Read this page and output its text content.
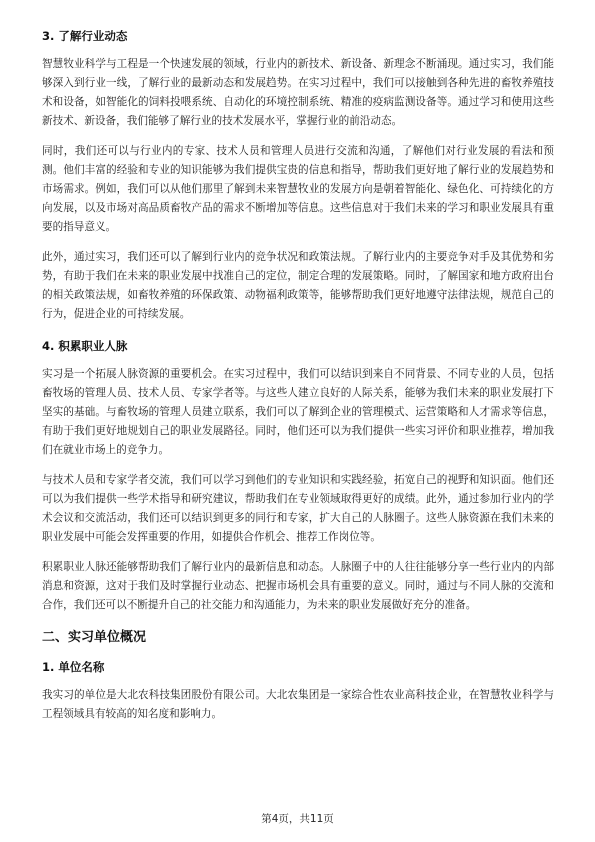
3. 了解行业动态

智慧牧业科学与工程是一个快速发展的领域，行业内的新技术、新设备、新理念不断涌现。通过实习，我们能够深入到行业一线，了解行业的最新动态和发展趋势。在实习过程中，我们可以接触到各种先进的畜牧养殖技术和设备，如智能化的饲料投喂系统、自动化的环境控制系统、精准的疫病监测设备等。通过学习和使用这些新技术、新设备，我们能够了解行业的技术发展水平，掌握行业的前沿动态。

同时，我们还可以与行业内的专家、技术人员和管理人员进行交流和沟通，了解他们对行业发展的看法和预测。他们丰富的经验和专业的知识能够为我们提供宝贵的信息和指导，帮助我们更好地了解行业的发展趋势和市场需求。例如，我们可以从他们那里了解到未来智慧牧业的发展方向是朝着智能化、绿色化、可持续化的方向发展，以及市场对高品质畜牧产品的需求不断增加等信息。这些信息对于我们未来的学习和职业发展具有重要的指导意义。

此外，通过实习，我们还可以了解到行业内的竞争状况和政策法规。了解行业内的主要竞争对手及其优势和劣势，有助于我们在未来的职业发展中找准自己的定位，制定合理的发展策略。同时，了解国家和地方政府出台的相关政策法规，如畜牧养殖的环保政策、动物福利政策等，能够帮助我们更好地遵守法律法规，规范自己的行为，促进企业的可持续发展。

4. 积累职业人脉

实习是一个拓展人脉资源的重要机会。在实习过程中，我们可以结识到来自不同背景、不同专业的人员，包括畜牧场的管理人员、技术人员、专家学者等。与这些人建立良好的人际关系，能够为我们未来的职业发展打下坚实的基础。与畜牧场的管理人员建立联系，我们可以了解到企业的管理模式、运营策略和人才需求等信息，有助于我们更好地规划自己的职业发展路径。同时，他们还可以为我们提供一些实习评价和职业推荐，增加我们在就业市场上的竞争力。

与技术人员和专家学者交流，我们可以学习到他们的专业知识和实践经验，拓宽自己的视野和知识面。他们还可以为我们提供一些学术指导和研究建议，帮助我们在专业领域取得更好的成绩。此外，通过参加行业内的学术会议和交流活动，我们还可以结识到更多的同行和专家，扩大自己的人脉圈子。这些人脉资源在我们未来的职业发展中可能会发挥重要的作用，如提供合作机会、推荐工作岗位等。

积累职业人脉还能够帮助我们了解行业内的最新信息和动态。人脉圈子中的人往往能够分享一些行业内的内部消息和资源，这对于我们及时掌握行业动态、把握市场机会具有重要的意义。同时，通过与不同人脉的交流和合作，我们还可以不断提升自己的社交能力和沟通能力，为未来的职业发展做好充分的准备。

二、实习单位概况
1. 单位名称

我实习的单位是大北农科技集团股份有限公司。大北农集团是一家综合性农业高科技企业，在智慧牧业科学与工程领域具有较高的知名度和影响力。

第4页，共11页
